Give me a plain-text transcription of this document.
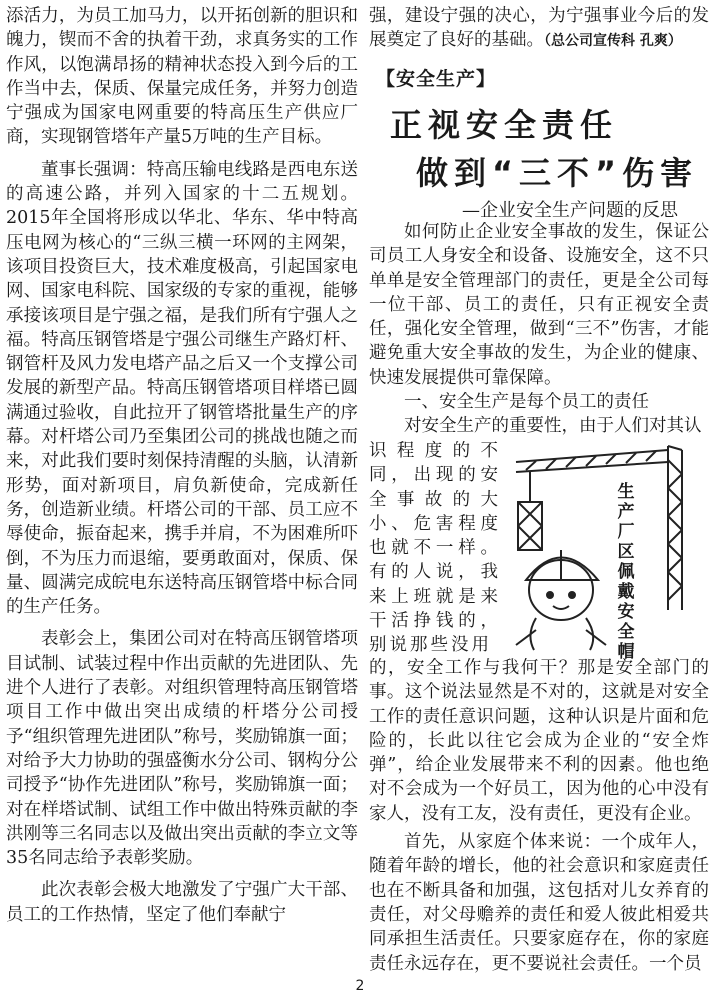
添活力，为员工加马力，以开拓创新的胆识和魄力，锲而不舍的执着干劲，求真务实的工作作风，以饱满昂扬的精神状态投入到今后的工作当中去，保质、保量完成任务，并努力创造宁强成为国家电网重要的特高压生产供应厂商，实现钢管塔年产量5万吨的生产目标。

董事长强调：特高压输电线路是西电东送的高速公路，并列入国家的十二五规划。2015年全国将形成以华北、华东、华中特高压电网为核心的“三纵三横一环网的主网架，该项目投资巨大，技术难度极高，引起国家电网、国家电科院、国家级的专家的重视，能够承接该项目是宁强之福，是我们所有宁强人之福。特高压钢管塔是宁强公司继生产路灯杆、钢管杆及风力发电塔产品之后又一个支撑公司发展的新型产品。特高压钢管塔项目样塔已圆满通过验收，自此拉开了钢管塔批量生产的序幕。对杆塔公司乃至集团公司的挑战也随之而来，对此我们要时刻保持清醒的头脑，认清新形势，面对新项目，肩负新使命，完成新任务，创造新业绩。杆塔公司的干部、员工应不辱使命，振奋起来，携手并肩，不为困难所吓倒，不为压力而退缩，要勇敢面对，保质、保量、圆满完成皖电东送特高压钢管塔中标合同的生产任务。

表彰会上，集团公司对在特高压钢管塔项目试制、试装过程中作出贡献的先进团队、先进个人进行了表彰。对组织管理特高压钢管塔项目工作中做出突出成绩的杆塔分公司授予“组织管理先进团队”称号，奖励锦旗一面；对给予大力协助的强盛衡水分公司、钢构分公司授予“协作先进团队”称号，奖励锦旗一面；对在样塔试制、试组工作中做出特殊贡献的李洪刚等三名同志以及做出突出贡献的李立文等35名同志给予表彰奖励。

此次表彰会极大地激发了宁强广大干部、员工的工作热情，坚定了他们奉献宁

强，建设宁强的决心，为宁强事业今后的发展奠定了良好的基础。（总公司宣传科 孔爽）

【安全生产】
正视安全责任
做到“三不”伤害
—企业安全生产问题的反思

如何防止企业安全事故的发生，保证公司员工人身安全和设备、设施安全，这不只单单是安全管理部门的责任，更是全公司每一位干部、员工的责任，只有正视安全责任，强化安全管理，做到“三不”伤害，才能避免重大安全事故的发生，为企业的健康、快速发展提供可靠保障。

一、安全生产是每个员工的责任

对安全生产的重要性，由于人们对其认

识程度的不同，出现的安全事故的大小、危害程度也就不一样。有的人说，我来上班就是来干活挣钱的，别说那些没用

生
产
厂
区
佩
戴
安
全
帽

的，安全工作与我何干？那是安全部门的事。这个说法显然是不对的，这就是对安全工作的责任意识问题，这种认识是片面和危险的，长此以往它会成为企业的“安全炸弹”，给企业发展带来不利的因素。他也绝对不会成为一个好员工，因为他的心中没有家人，没有工友，没有责任，更没有企业。

首先，从家庭个体来说：一个成年人，随着年龄的增长，他的社会意识和家庭责任也在不断具备和加强，这包括对儿女养育的责任，对父母赡养的责任和爱人彼此相爱共同承担生活责任。只要家庭存在，你的家庭责任永远存在，更不要说社会责任。一个员

2
